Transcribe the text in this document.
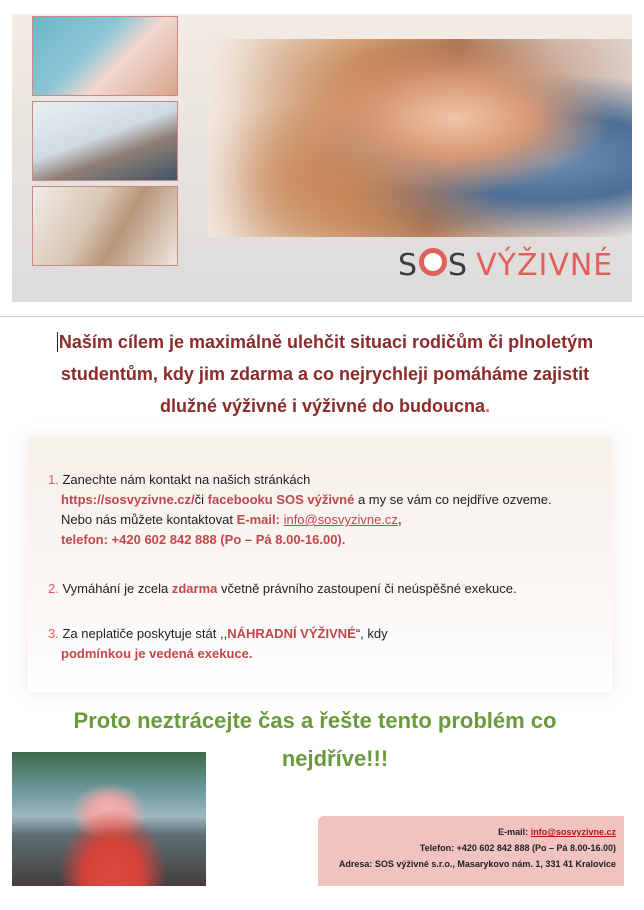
S S VÝŽIVNÉ
Naším cílem je maximálně ulehčit situaci rodičům či plnoletým
studentům, kdy jim zdarma a co nejrychleji pomáháme zajistit
dlužné výživné i výživné do budoucna.
1. Zanechte nám kontakt na našich stránkách
https://sosvyzivne.cz/či facebooku SOS výživné a my se vám co nejdříve ozveme.
Nebo nás můžete kontaktovat E-mail: info@sosvyzivne.cz,
telefon: +420 602 842 888 (Po – Pá 8.00-16.00).
2. Vymáhání je zcela zdarma včetně právního zastoupení či neúspěšné exekuce.
3. Za neplatiče poskytuje stát ,,NÁHRADNÍ VÝŽIVNÉ“, kdy
podmínkou je vedená exekuce.
Proto neztrácejte čas a řešte tento problém co
nejdříve!!!
E-mail: info@sosvyzivne.cz
Telefon: +420 602 842 888 (Po – Pá 8.00-16.00)
Adresa: SOS výživné s.r.o., Masarykovo nám. 1, 331 41 Kralovice
